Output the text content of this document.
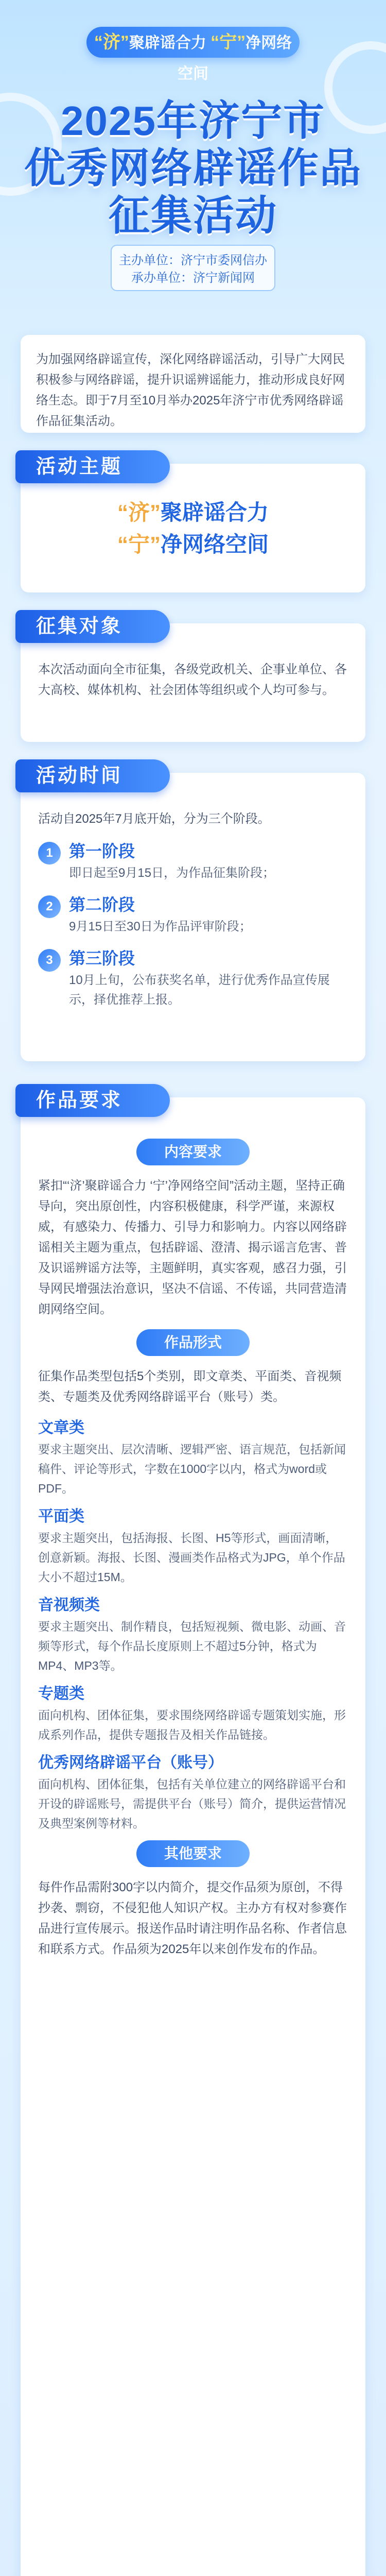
“济”聚辟谣合力 “宁”净网络空间
2025年济宁市
优秀网络辟谣作品
征集活动
主办单位：济宁市委网信办
承办单位：济宁新闻网
为加强网络辟谣宣传，深化网络辟谣活动，引导广大网民积极参与网络辟谣，提升识谣辨谣能力，推动形成良好网络生态。即于7月至10月举办2025年济宁市优秀网络辟谣作品征集活动。
活动主题
“济”聚辟谣合力
“宁”净网络空间
征集对象
本次活动面向全市征集，各级党政机关、企事业单位、各大高校、媒体机构、社会团体等组织或个人均可参与。
活动时间
活动自2025年7月底开始，分为三个阶段。
1 第一阶段
即日起至9月15日，为作品征集阶段；
2 第二阶段
9月15日至30日为作品评审阶段；
3 第三阶段
10月上旬，公布获奖名单，进行优秀作品宣传展示，择优推荐上报。
作品要求
内容要求
紧扣“‘济’聚辟谣合力 ‘宁’净网络空间”活动主题，坚持正确导向，突出原创性，内容积极健康，科学严谨，来源权威，有感染力、传播力、引导力和影响力。内容以网络辟谣相关主题为重点，包括辟谣、澄清、揭示谣言危害、普及识谣辨谣方法等，主题鲜明，真实客观，感召力强，引导网民增强法治意识，坚决不信谣、不传谣，共同营造清朗网络空间。
作品形式
征集作品类型包括5个类别，即文章类、平面类、音视频类、专题类及优秀网络辟谣平台（账号）类。
文章类
要求主题突出、层次清晰、逻辑严密、语言规范，包括新闻稿件、评论等形式，字数在1000字以内，格式为word或PDF。
平面类
要求主题突出，包括海报、长图、H5等形式，画面清晰，创意新颖。海报、长图、漫画类作品格式为JPG，单个作品大小不超过15M。
音视频类
要求主题突出、制作精良，包括短视频、微电影、动画、音频等形式，每个作品长度原则上不超过5分钟，格式为MP4、MP3等。
专题类
面向机构、团体征集，要求围绕网络辟谣专题策划实施，形成系列作品，提供专题报告及相关作品链接。
优秀网络辟谣平台（账号）
面向机构、团体征集，包括有关单位建立的网络辟谣平台和开设的辟谣账号，需提供平台（账号）简介，提供运营情况及典型案例等材料。
其他要求
每件作品需附300字以内简介，提交作品须为原创，不得抄袭、剽窃，不侵犯他人知识产权。主办方有权对参赛作品进行宣传展示。报送作品时请注明作品名称、作者信息和联系方式。作品须为2025年以来创作发布的作品。
